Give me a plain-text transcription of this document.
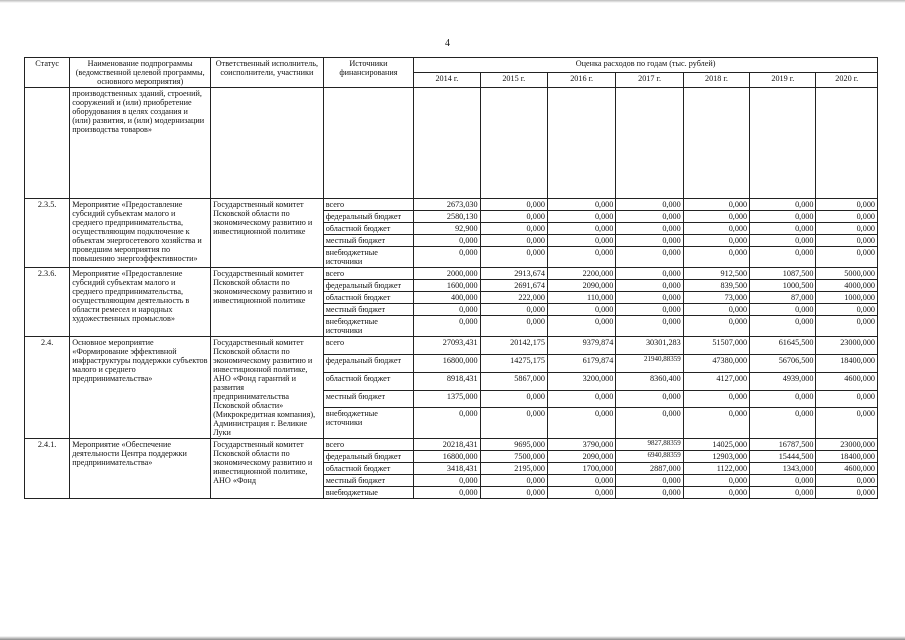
4
Статус	Наименование подпрограммы (ведомственной целевой программы, основного мероприятия)	Ответственный исполнитель, соисполнители, участники	Источники финансирования	Оценка расходов по годам (тыс. рублей)						
				2014 г.	2015 г.	2016 г.	2017 г.	2018 г.	2019 г.	2020 г.
	производственных зданий, строений, сооружений и (или) приобретение оборудования в целях создания и (или) развития, и (или) модернизации производства товаров»									
2.3.5.	Мероприятие «Предоставление субсидий субъектам малого и среднего предпринимательства, осуществляющим подключение к объектам энергосетевого хозяйства и проведшим мероприятия по повышению энергоэффективности»	Государственный комитет Псковской области по экономическому развитию и инвестиционной политике	всего	2673,030	0,000	0,000	0,000	0,000	0,000	0,000
			федеральный бюджет	2580,130	0,000	0,000	0,000	0,000	0,000	0,000
			областной бюджет	92,900	0,000	0,000	0,000	0,000	0,000	0,000
			местный бюджет	0,000	0,000	0,000	0,000	0,000	0,000	0,000
			внебюджетные источники	0,000	0,000	0,000	0,000	0,000	0,000	0,000
2.3.6.	Мероприятие «Предоставление субсидий субъектам малого и среднего предпринимательства, осуществляющим деятельность в области ремесел и народных художественных промыслов»	Государственный комитет Псковской области по экономическому развитию и инвестиционной политике	всего	2000,000	2913,674	2200,000	0,000	912,500	1087,500	5000,000
			федеральный бюджет	1600,000	2691,674	2090,000	0,000	839,500	1000,500	4000,000
			областной бюджет	400,000	222,000	110,000	0,000	73,000	87,000	1000,000
			местный бюджет	0,000	0,000	0,000	0,000	0,000	0,000	0,000
			внебюджетные источники	0,000	0,000	0,000	0,000	0,000	0,000	0,000
2.4.	Основное мероприятие «Формирование эффективной инфраструктуры поддержки субъектов малого и среднего предпринимательства»	Государственный комитет Псковской области по экономическому развитию и инвестиционной политике, АНО «Фонд гарантий и развития предпринимательства Псковской области» (Микрокредитная компания), Администрация г. Великие Луки	всего	27093,431	20142,175	9379,874	30301,283	51507,000	61645,500	23000,000
			федеральный бюджет	16800,000	14275,175	6179,874	21940,88359	47380,000	56706,500	18400,000
			областной бюджет	8918,431	5867,000	3200,000	8360,400	4127,000	4939,000	4600,000
			местный бюджет	1375,000	0,000	0,000	0,000	0,000	0,000	0,000
			внебюджетные источники	0,000	0,000	0,000	0,000	0,000	0,000	0,000
2.4.1.	Мероприятие «Обеспечение деятельности Центра поддержки предпринимательства»	Государственный комитет Псковской области по экономическому развитию и инвестиционной политике, АНО «Фонд	всего	20218,431	9695,000	3790,000	9827,88359	14025,000	16787,500	23000,000
			федеральный бюджет	16800,000	7500,000	2090,000	6940,88359	12903,000	15444,500	18400,000
			областной бюджет	3418,431	2195,000	1700,000	2887,000	1122,000	1343,000	4600,000
			местный бюджет	0,000	0,000	0,000	0,000	0,000	0,000	0,000
			внебюджетные	0,000	0,000	0,000	0,000	0,000	0,000	0,000
